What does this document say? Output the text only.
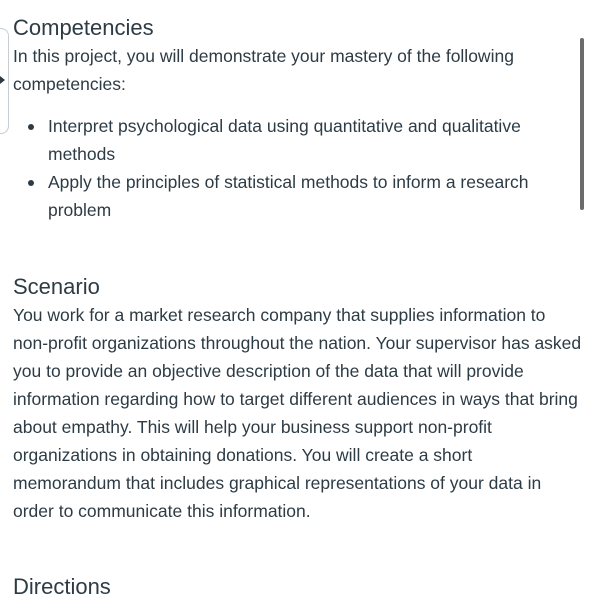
Competencies

In this project, you will demonstrate your mastery of the following competencies:

Interpret psychological data using quantitative and qualitative methods
Apply the principles of statistical methods to inform a research problem
Scenario

You work for a market research company that supplies information to non-profit organizations throughout the nation. Your supervisor has asked you to provide an objective description of the data that will provide information regarding how to target different audiences in ways that bring about empathy. This will help your business support non-profit organizations in obtaining donations. You will create a short memorandum that includes graphical representations of your data in order to communicate this information.

Directions
